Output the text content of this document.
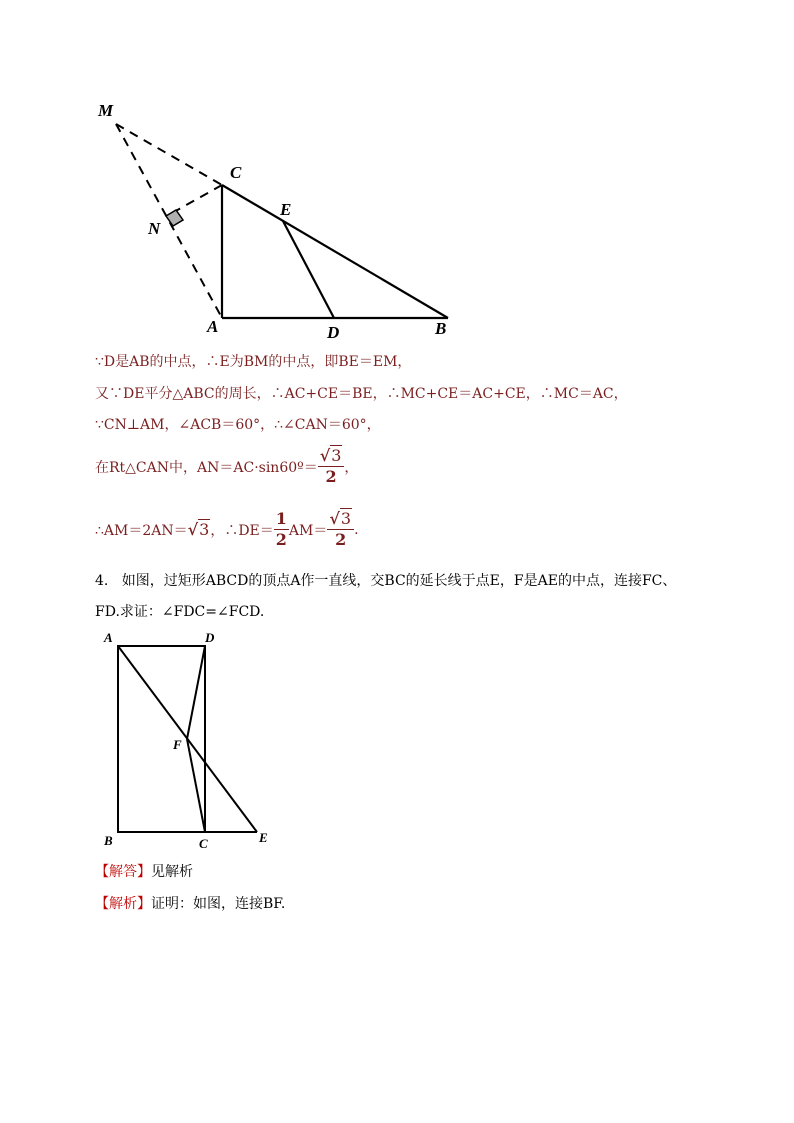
M
C
E
N
A	D	B
∵D是AB的中点，∴E为BM的中点，即BE＝EM，
又∵DE平分△ABC的周长，∴AC+CE＝BE，∴MC+CE＝AC+CE，∴MC＝AC，
∵CN⊥AM，∠ACB＝60°，∴∠CAN＝60°，
在Rt△CAN中，AN＝AC·sin60º＝ $\frac{√3}{2}$ ，
∴AM＝2AN＝ √3 ，∴DE＝ $\frac{1}{2} AM= \frac{√3}{2}$ .
4. 如图，过矩形ABCD的顶点A作一直线，交BC的延长线于点E，F是AE的中点，连接FC、
FD.求证：∠FDC=∠FCD.
A	D
F
B	C	E
【解答】见解析
【解析】证明：如图，连接BF.
